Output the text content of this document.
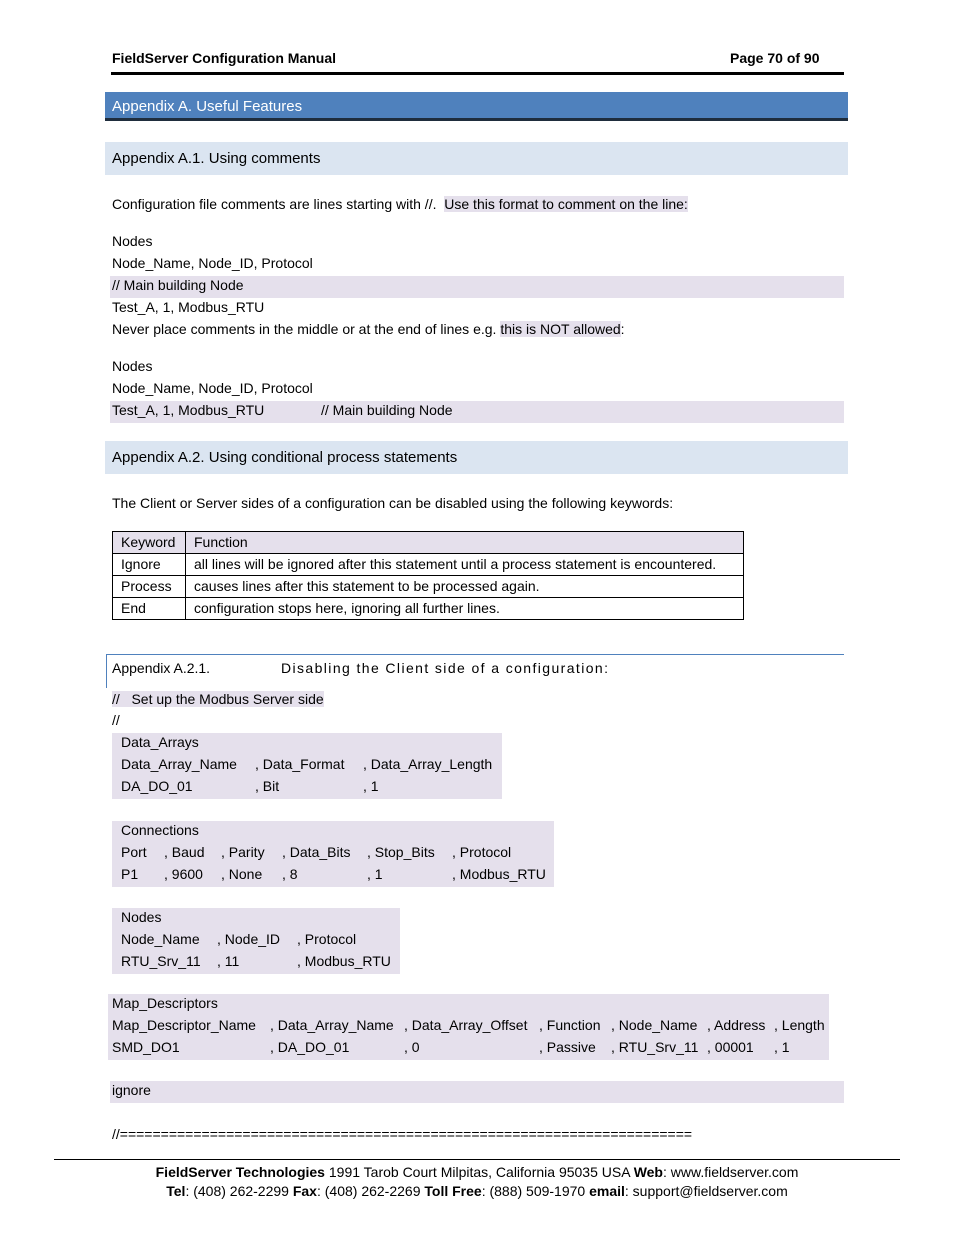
FieldServer Configuration Manual	Page 70 of 90
Appendix A. Useful Features
Appendix A.1. Using comments
Configuration file comments are lines starting with //.  Use this format to comment on the line:
Nodes
Node_Name, Node_ID, Protocol
// Main building Node
Test_A, 1, Modbus_RTU
Never place comments in the middle or at the end of lines e.g. this is NOT allowed:
Nodes
Node_Name, Node_ID, Protocol
Test_A, 1, Modbus_RTU	// Main building Node
Appendix A.2. Using conditional process statements
The Client or Server sides of a configuration can be disabled using the following keywords:
Keyword	Function
Ignore	all lines will be ignored after this statement until a process statement is encountered.
Process	causes lines after this statement to be processed again.
End	configuration stops here, ignoring all further lines.
Appendix A.2.1.	Disabling the Client side of a configuration:
//   Set up the Modbus Server side
//
Data_Arrays
Data_Array_Name , Data_Format , Data_Array_Length
DA_DO_01	, Bit	, 1
Connections
Port , Baud , Parity , Data_Bits , Stop_Bits , Protocol
P1 , 9600 , None , 8	, 1	, Modbus_RTU
Nodes
Node_Name , Node_ID , Protocol
RTU_Srv_11 , 11	, Modbus_RTU
Map_Descriptors
Map_Descriptor_Name , Data_Array_Name , Data_Array_Offset , Function , Node_Name , Address , Length
SMD_DO1	, DA_DO_01	, 0	, Passive , RTU_Srv_11 , 00001 , 1
ignore
//======================================================================
FieldServer Technologies 1991 Tarob Court Milpitas, California 95035 USA Web: www.fieldserver.com
Tel: (408) 262-2299 Fax: (408) 262-2269 Toll Free: (888) 509-1970 email: support@fieldserver.com
